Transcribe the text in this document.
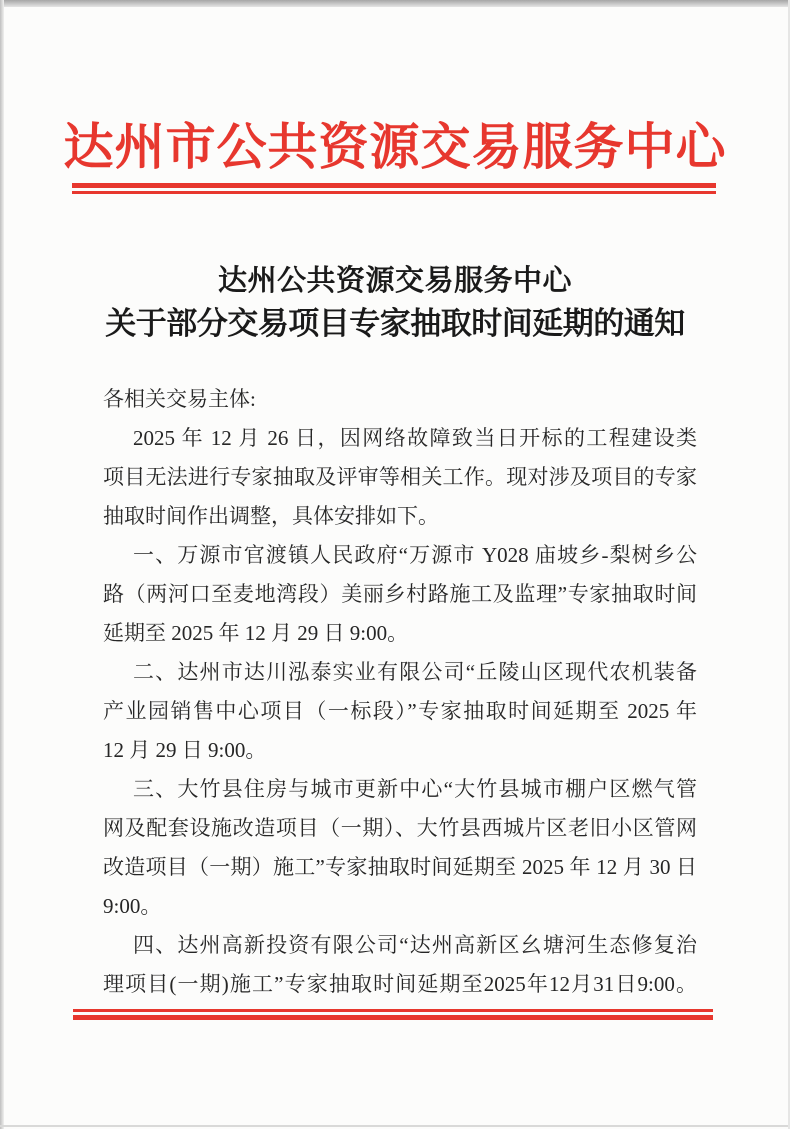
达州市公共资源交易服务中心
达州公共资源交易服务中心
关于部分交易项目专家抽取时间延期的通知
各相关交易主体:
2025 年 12 月 26 日，因网络故障致当日开标的工程建设类
项目无法进行专家抽取及评审等相关工作。现对涉及项目的专家
抽取时间作出调整，具体安排如下。
一、万源市官渡镇人民政府“万源市 Y028 庙坡乡-梨树乡公
路（两河口至麦地湾段）美丽乡村路施工及监理”专家抽取时间
延期至 2025 年 12 月 29 日 9:00。
二、达州市达川泓泰实业有限公司“丘陵山区现代农机装备
产业园销售中心项目（一标段）”专家抽取时间延期至 2025 年
12 月 29 日 9:00。
三、大竹县住房与城市更新中心“大竹县城市棚户区燃气管
网及配套设施改造项目（一期）、大竹县西城片区老旧小区管网
改造项目（一期）施工”专家抽取时间延期至 2025 年 12 月 30 日
9:00。
四、达州高新投资有限公司“达州高新区幺塘河生态修复治
理项目(一期)施工”专家抽取时间延期至2025年12月31日9:00。
